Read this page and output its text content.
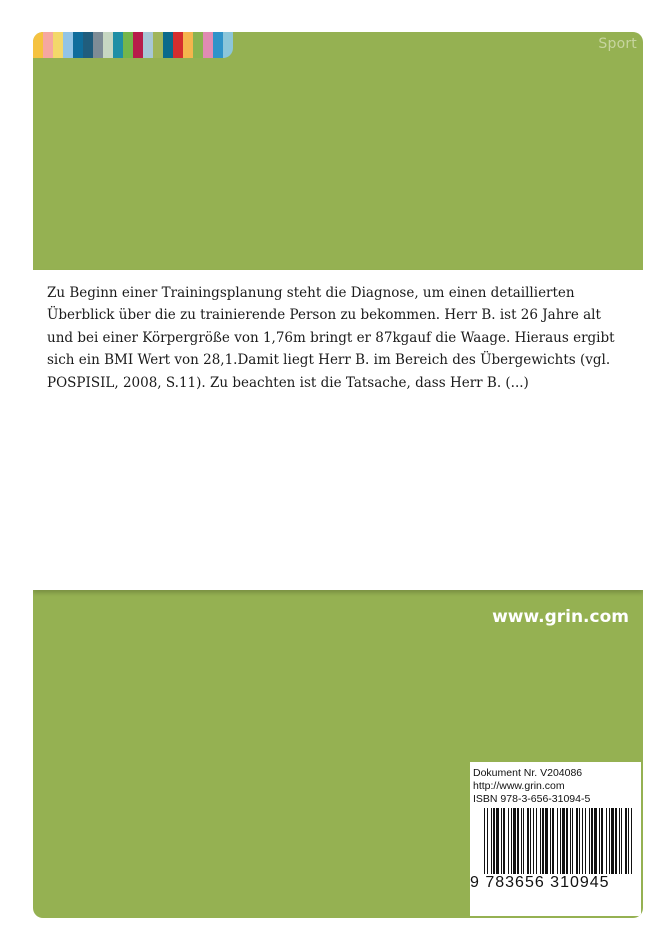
Sport

Zu Beginn einer Trainingsplanung steht die Diagnose, um einen detaillierten Überblick über die zu trainierende Person zu bekommen. Herr B. ist 26 Jahre alt und bei einer Körpergröße von 1,76m bringt er 87kgauf die Waage. Hieraus ergibt sich ein BMI Wert von 28,1.Damit liegt Herr B. im Bereich des Übergewichts (vgl. POSPISIL, 2008, S.11). Zu beachten ist die Tatsache, dass Herr B. (...)

www.grin.com
Dokument Nr. V204086
http://www.grin.com
ISBN 978-3-656-31094-5
9 783656 310945
